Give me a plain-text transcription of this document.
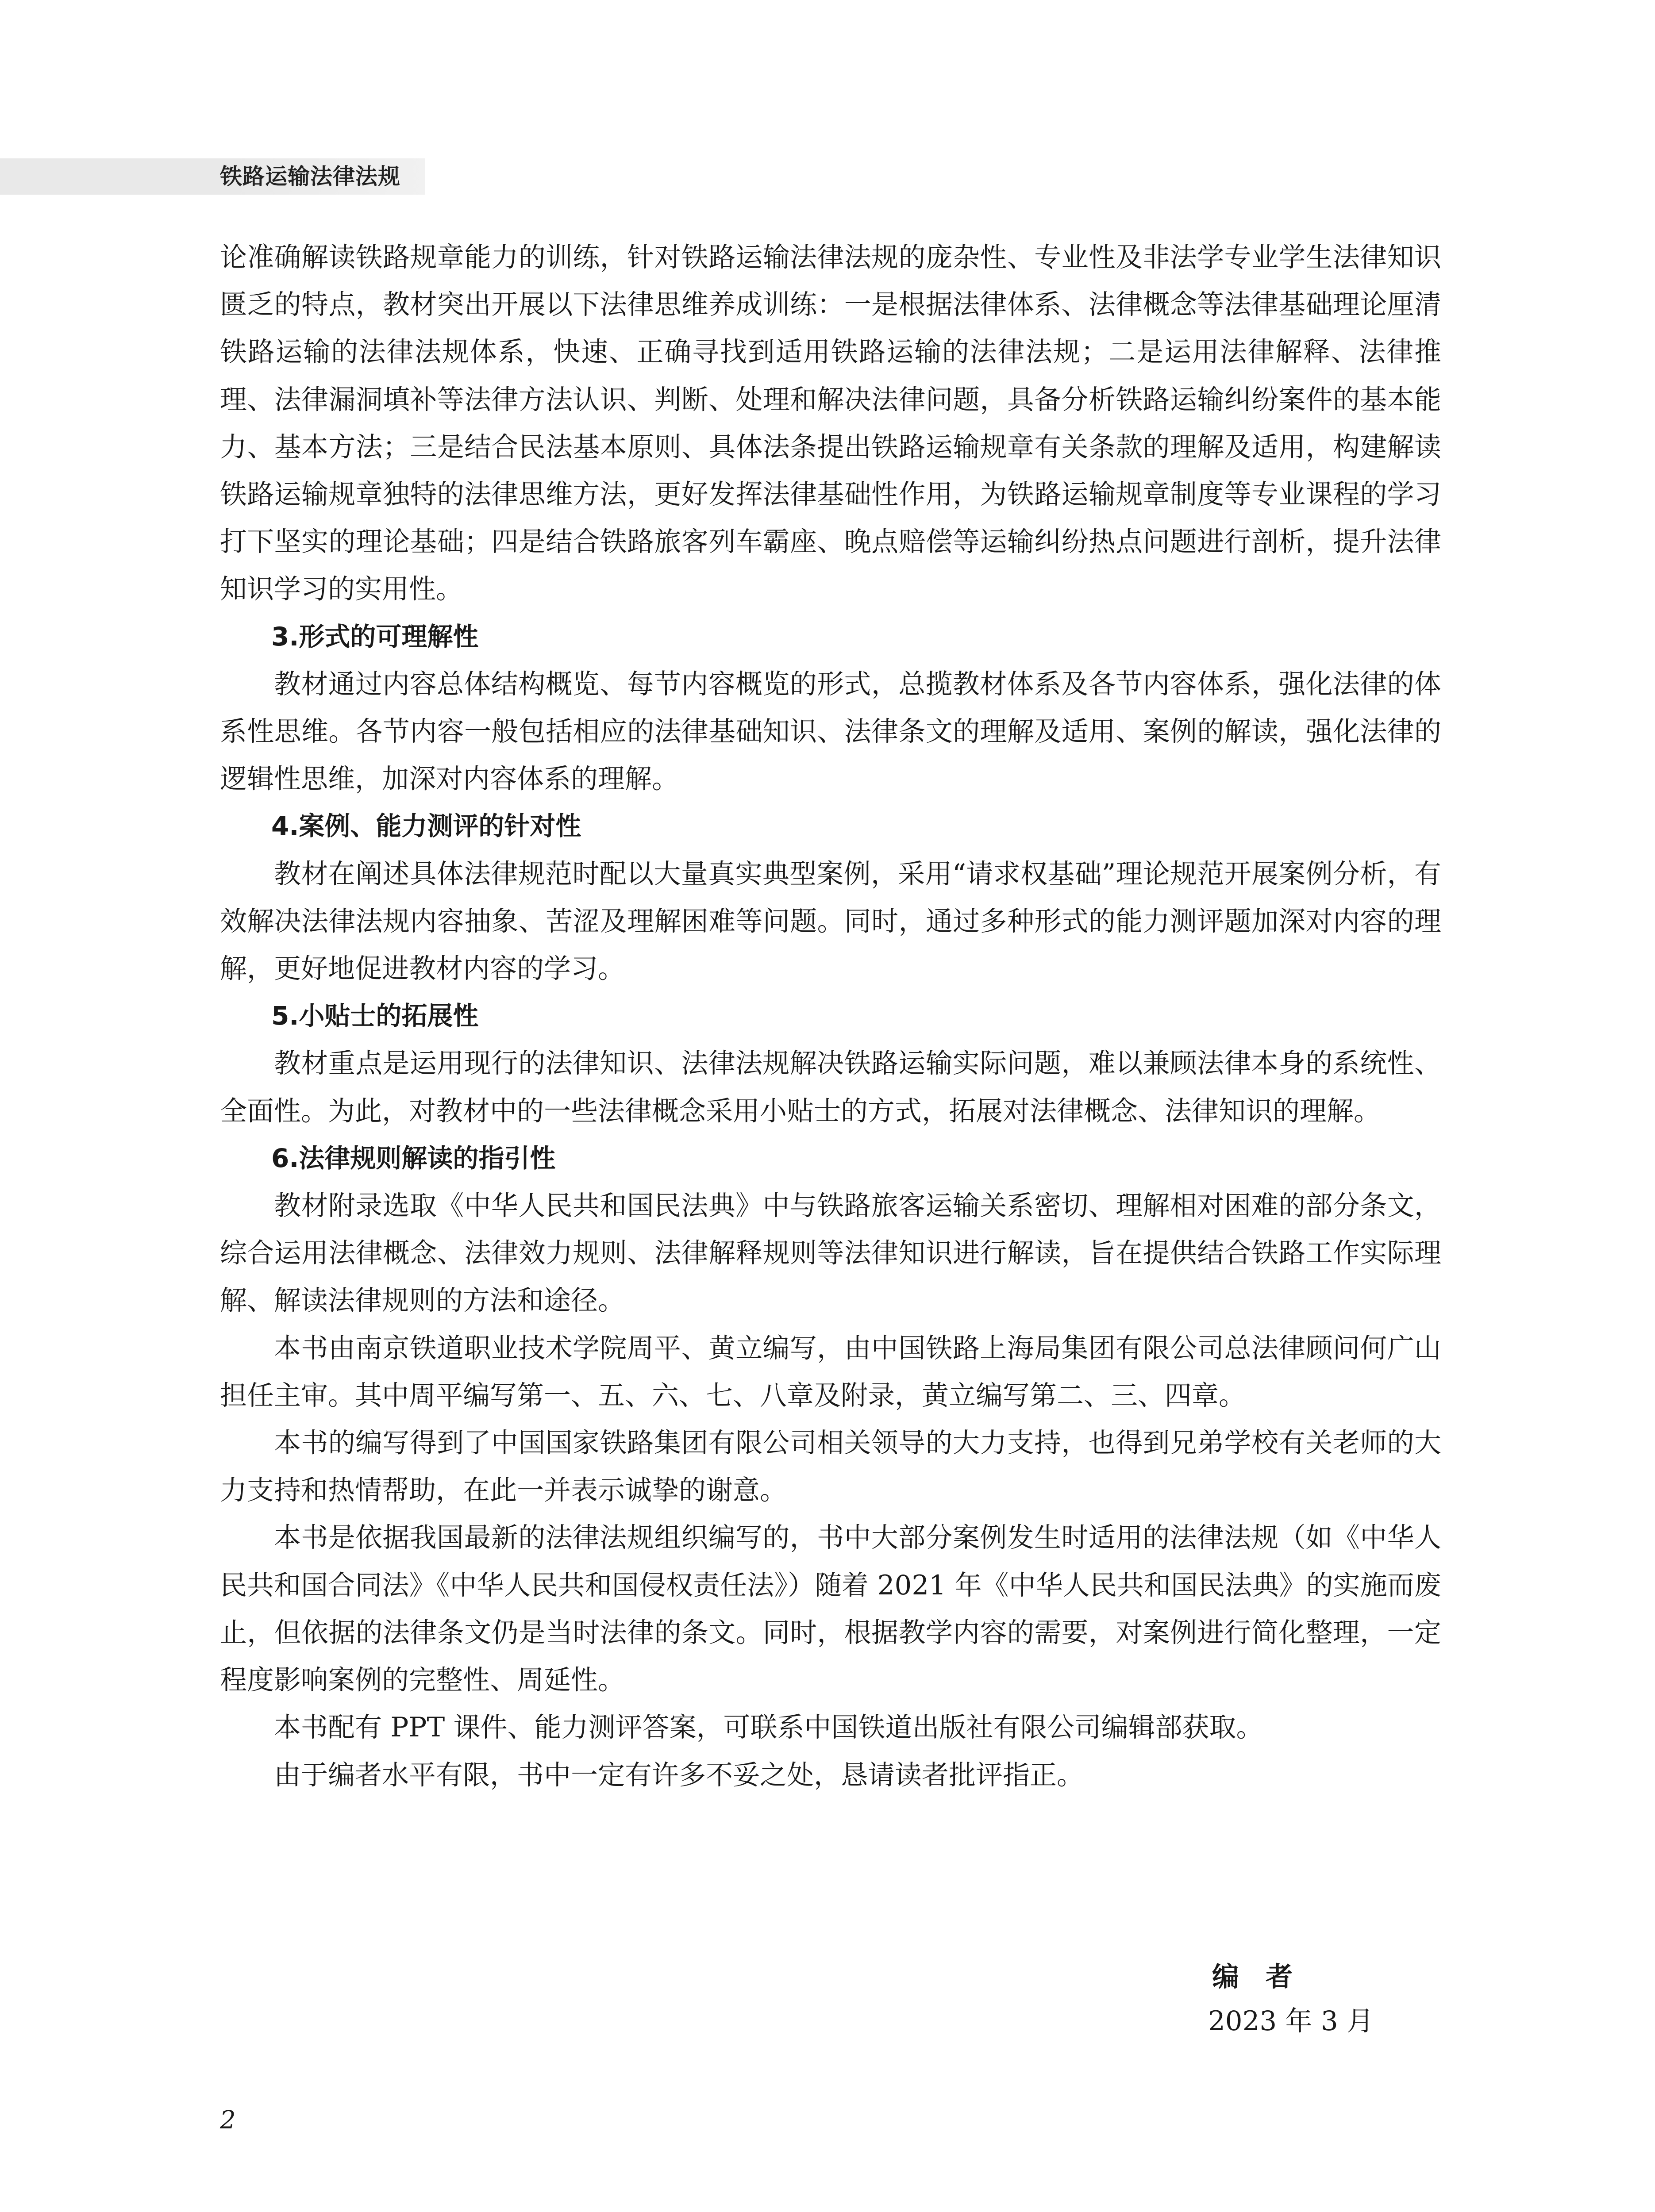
铁路运输法律法规

论准确解读铁路规章能力的训练，针对铁路运输法律法规的庞杂性、专业性及非法学专业学生法律知识匮乏的特点，教材突出开展以下法律思维养成训练：一是根据法律体系、法律概念等法律基础理论厘清铁路运输的法律法规体系，快速、正确寻找到适用铁路运输的法律法规；二是运用法律解释、法律推理、法律漏洞填补等法律方法认识、判断、处理和解决法律问题，具备分析铁路运输纠纷案件的基本能力、基本方法；三是结合民法基本原则、具体法条提出铁路运输规章有关条款的理解及适用，构建解读铁路运输规章独特的法律思维方法，更好发挥法律基础性作用，为铁路运输规章制度等专业课程的学习打下坚实的理论基础；四是结合铁路旅客列车霸座、晚点赔偿等运输纠纷热点问题进行剖析，提升法律知识学习的实用性。

3.形式的可理解性

教材通过内容总体结构概览、每节内容概览的形式，总揽教材体系及各节内容体系，强化法律的体系性思维。各节内容一般包括相应的法律基础知识、法律条文的理解及适用、案例的解读，强化法律的逻辑性思维，加深对内容体系的理解。

4.案例、能力测评的针对性

教材在阐述具体法律规范时配以大量真实典型案例，采用“请求权基础”理论规范开展案例分析，有效解决法律法规内容抽象、苦涩及理解困难等问题。同时，通过多种形式的能力测评题加深对内容的理解，更好地促进教材内容的学习。

5.小贴士的拓展性

教材重点是运用现行的法律知识、法律法规解决铁路运输实际问题，难以兼顾法律本身的系统性、全面性。为此，对教材中的一些法律概念采用小贴士的方式，拓展对法律概念、法律知识的理解。

6.法律规则解读的指引性

教材附录选取《中华人民共和国民法典》中与铁路旅客运输关系密切、理解相对困难的部分条文，综合运用法律概念、法律效力规则、法律解释规则等法律知识进行解读，旨在提供结合铁路工作实际理解、解读法律规则的方法和途径。

本书由南京铁道职业技术学院周平、黄立编写，由中国铁路上海局集团有限公司总法律顾问何广山担任主审。其中周平编写第一、五、六、七、八章及附录，黄立编写第二、三、四章。

本书的编写得到了中国国家铁路集团有限公司相关领导的大力支持，也得到兄弟学校有关老师的大力支持和热情帮助，在此一并表示诚挚的谢意。

本书是依据我国最新的法律法规组织编写的，书中大部分案例发生时适用的法律法规（如《中华人民共和国合同法》《中华人民共和国侵权责任法》）随着 2021 年《中华人民共和国民法典》的实施而废止，但依据的法律条文仍是当时法律的条文。同时，根据教学内容的需要，对案例进行简化整理，一定程度影响案例的完整性、周延性。

本书配有 PPT 课件、能力测评答案，可联系中国铁道出版社有限公司编辑部获取。

由于编者水平有限，书中一定有许多不妥之处，恳请读者批评指正。

编者
2023 年 3 月
2
